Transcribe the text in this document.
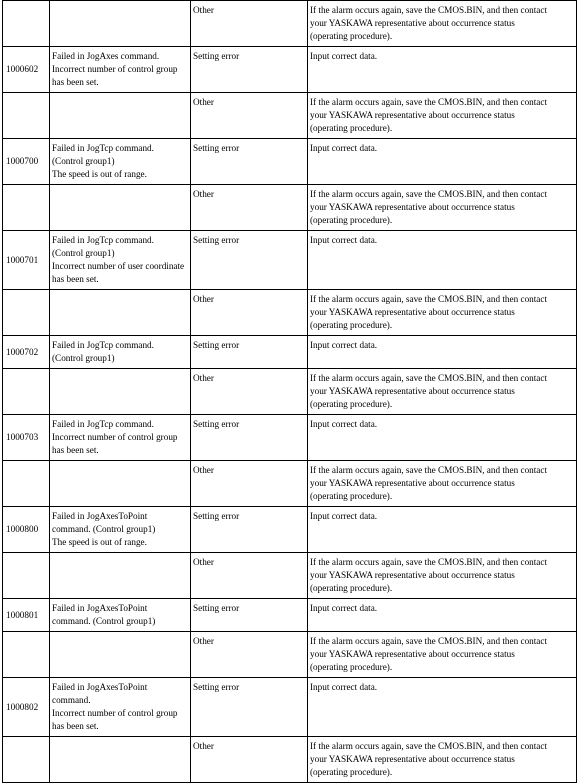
		Other	If the alarm occurs again, save the CMOS.BIN, and then contact your YASKAWA representative about occurrence status (operating procedure).
1000602	Failed in JogAxes command. Incorrect number of control group has been set.	Setting error	Input correct data.
		Other	If the alarm occurs again, save the CMOS.BIN, and then contact your YASKAWA representative about occurrence status (operating procedure).
1000700	Failed in JogTcp command.
(Control group1)
The speed is out of range.	Setting error	Input correct data.
		Other	If the alarm occurs again, save the CMOS.BIN, and then contact your YASKAWA representative about occurrence status (operating procedure).
1000701	Failed in JogTcp command.
(Control group1)
Incorrect number of user coordinate has been set.	Setting error	Input correct data.
		Other	If the alarm occurs again, save the CMOS.BIN, and then contact your YASKAWA representative about occurrence status (operating procedure).
1000702	Failed in JogTcp command.
(Control group1)	Setting error	Input correct data.
		Other	If the alarm occurs again, save the CMOS.BIN, and then contact your YASKAWA representative about occurrence status (operating procedure).
1000703	Failed in JogTcp command. Incorrect number of control group has been set.	Setting error	Input correct data.
		Other	If the alarm occurs again, save the CMOS.BIN, and then contact your YASKAWA representative about occurrence status (operating procedure).
1000800	Failed in JogAxesToPoint command. (Control group1)
The speed is out of range.	Setting error	Input correct data.
		Other	If the alarm occurs again, save the CMOS.BIN, and then contact your YASKAWA representative about occurrence status (operating procedure).
1000801	Failed in JogAxesToPoint command. (Control group1)	Setting error	Input correct data.
		Other	If the alarm occurs again, save the CMOS.BIN, and then contact your YASKAWA representative about occurrence status (operating procedure).
1000802	Failed in JogAxesToPoint command.
Incorrect number of control group has been set.	Setting error	Input correct data.
		Other	If the alarm occurs again, save the CMOS.BIN, and then contact your YASKAWA representative about occurrence status (operating procedure).
